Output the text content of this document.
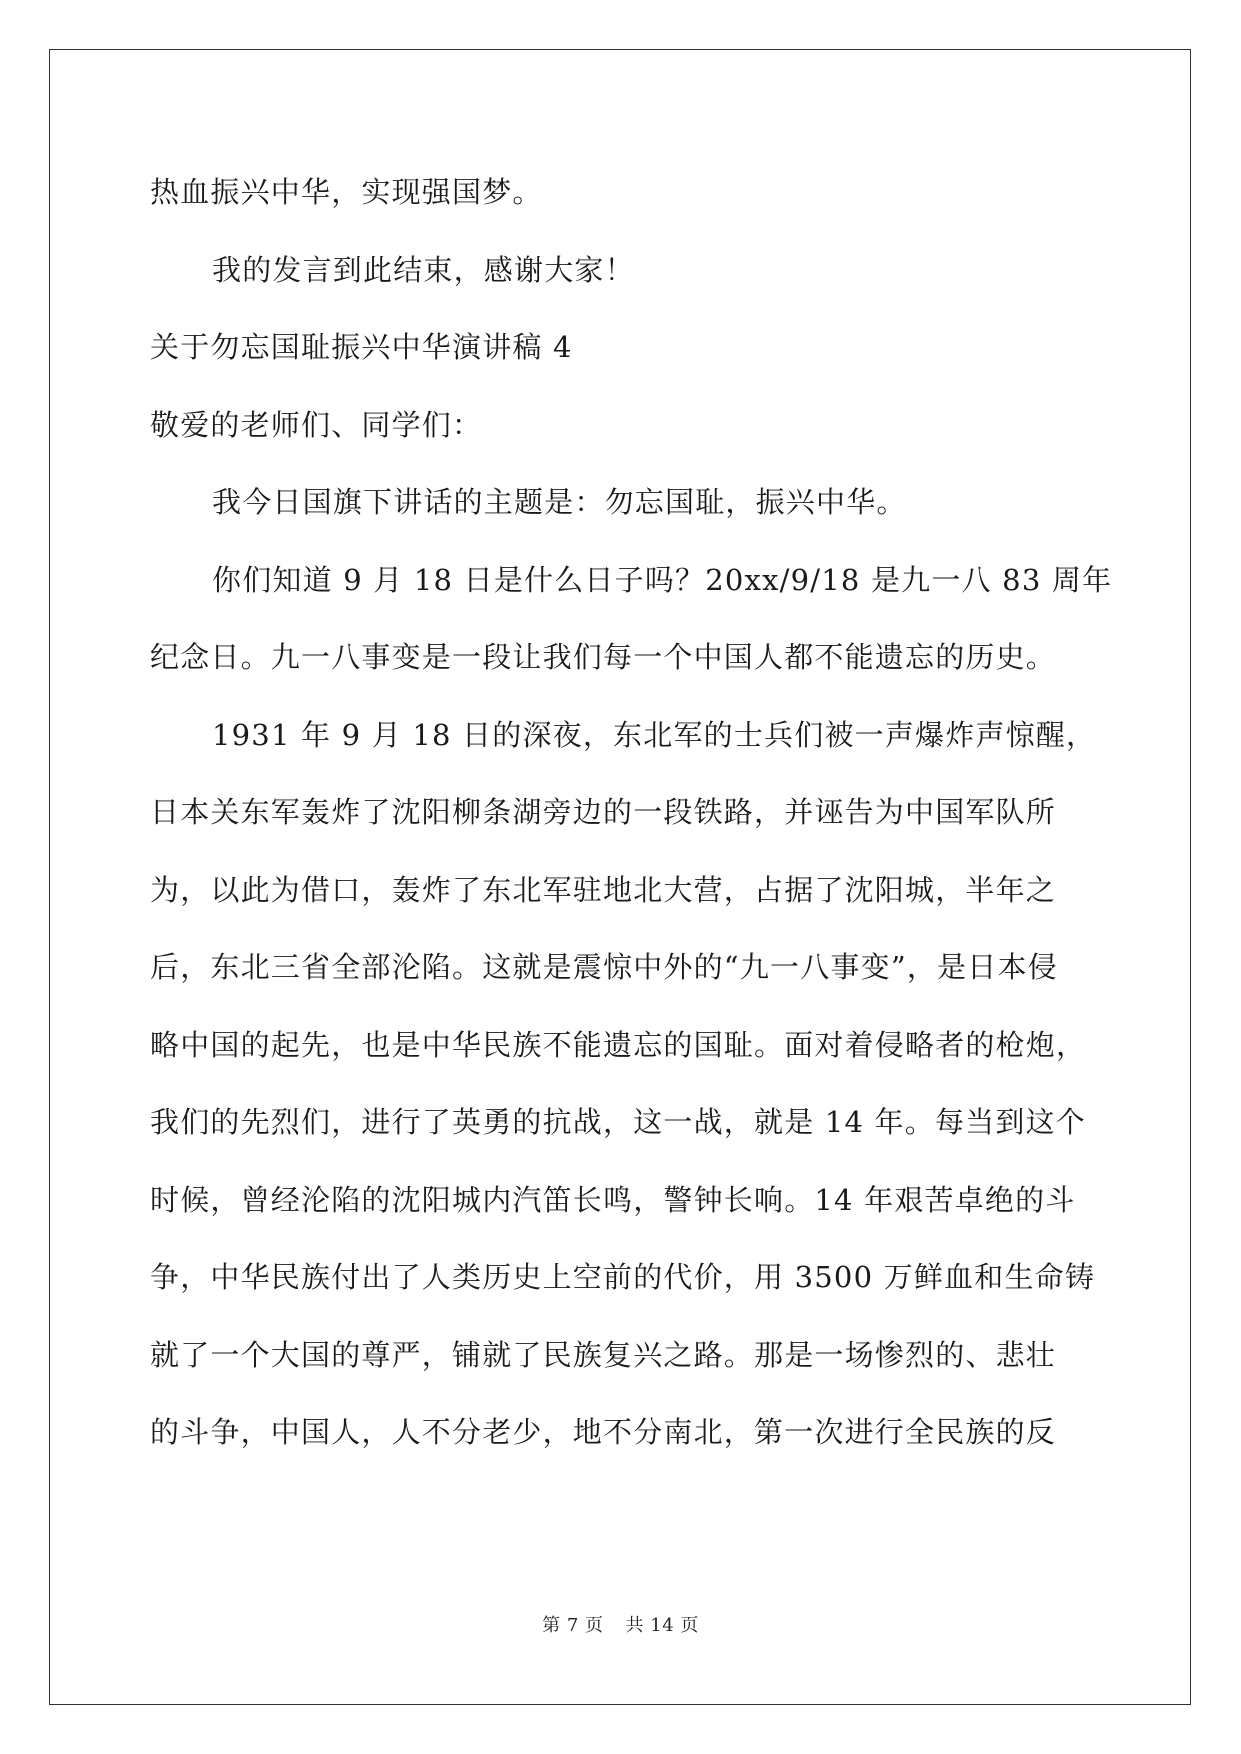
热血振兴中华，实现强国梦。
我的发言到此结束，感谢大家！
关于勿忘国耻振兴中华演讲稿 4
敬爱的老师们、同学们：
我今日国旗下讲话的主题是：勿忘国耻，振兴中华。
你们知道 9 月 18 日是什么日子吗？20xx/9/18 是九一八 83 周年
纪念日。九一八事变是一段让我们每一个中国人都不能遗忘的历史。
1931 年 9 月 18 日的深夜，东北军的士兵们被一声爆炸声惊醒，
日本关东军轰炸了沈阳柳条湖旁边的一段铁路，并诬告为中国军队所
为，以此为借口，轰炸了东北军驻地北大营，占据了沈阳城，半年之
后，东北三省全部沦陷。这就是震惊中外的“九一八事变”，是日本侵
略中国的起先，也是中华民族不能遗忘的国耻。面对着侵略者的枪炮，
我们的先烈们，进行了英勇的抗战，这一战，就是 14 年。每当到这个
时候，曾经沦陷的沈阳城内汽笛长鸣，警钟长响。14 年艰苦卓绝的斗
争，中华民族付出了人类历史上空前的代价，用 3500 万鲜血和生命铸
就了一个大国的尊严，铺就了民族复兴之路。那是一场惨烈的、悲壮
的斗争，中国人，人不分老少，地不分南北，第一次进行全民族的反
第 7 页 共 14 页
